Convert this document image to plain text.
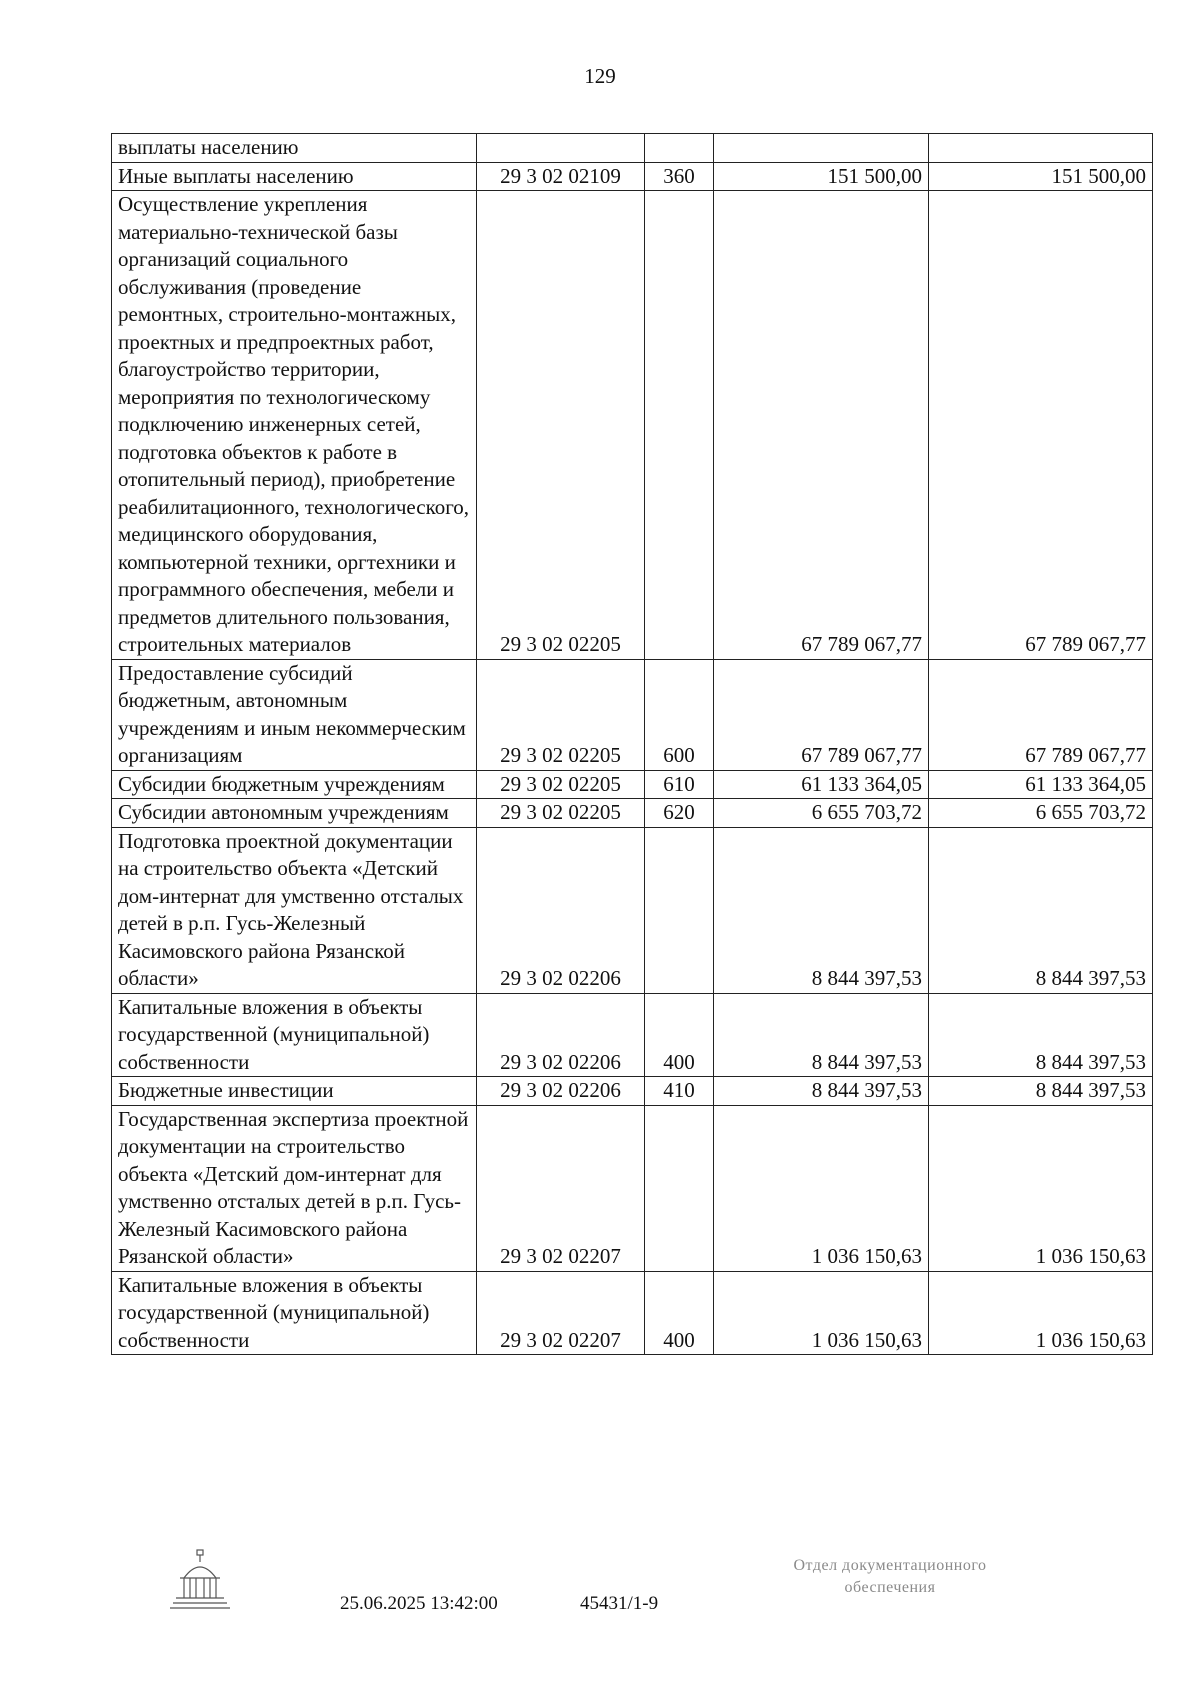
129
выплаты населению				
Иные выплаты населению	29 3 02 02109	360	151 500,00	151 500,00
Осуществление укрепления материально-технической базы организаций социального обслуживания (проведение ремонтных, строительно-монтажных, проектных и предпроектных работ, благоустройство территории, мероприятия по технологическому подключению инженерных сетей, подготовка объектов к работе в отопительный период), приобретение реабилитационного, технологического, медицинского оборудования, компьютерной техники, оргтехники и программного обеспечения, мебели и предметов длительного пользования, строительных материалов	29 3 02 02205		67 789 067,77	67 789 067,77
Предоставление субсидий бюджетным, автономным учреждениям и иным некоммерческим организациям	29 3 02 02205	600	67 789 067,77	67 789 067,77
Субсидии бюджетным учреждениям	29 3 02 02205	610	61 133 364,05	61 133 364,05
Субсидии автономным учреждениям	29 3 02 02205	620	6 655 703,72	6 655 703,72
Подготовка проектной документации на строительство объекта «Детский дом-интернат для умственно отсталых детей в р.п. Гусь-Железный Касимовского района Рязанской области»	29 3 02 02206		8 844 397,53	8 844 397,53
Капитальные вложения в объекты государственной (муниципальной) собственности	29 3 02 02206	400	8 844 397,53	8 844 397,53
Бюджетные инвестиции	29 3 02 02206	410	8 844 397,53	8 844 397,53
Государственная экспертиза проектной документации на строительство объекта «Детский дом-интернат для умственно отсталых детей в р.п. Гусь-Железный Касимовского района Рязанской области»	29 3 02 02207		1 036 150,63	1 036 150,63
Капитальные вложения в объекты государственной (муниципальной) собственности	29 3 02 02207	400	1 036 150,63	1 036 150,63
25.06.2025 13:42:00	45431/1-9
Отдел документационного
обеспечения
